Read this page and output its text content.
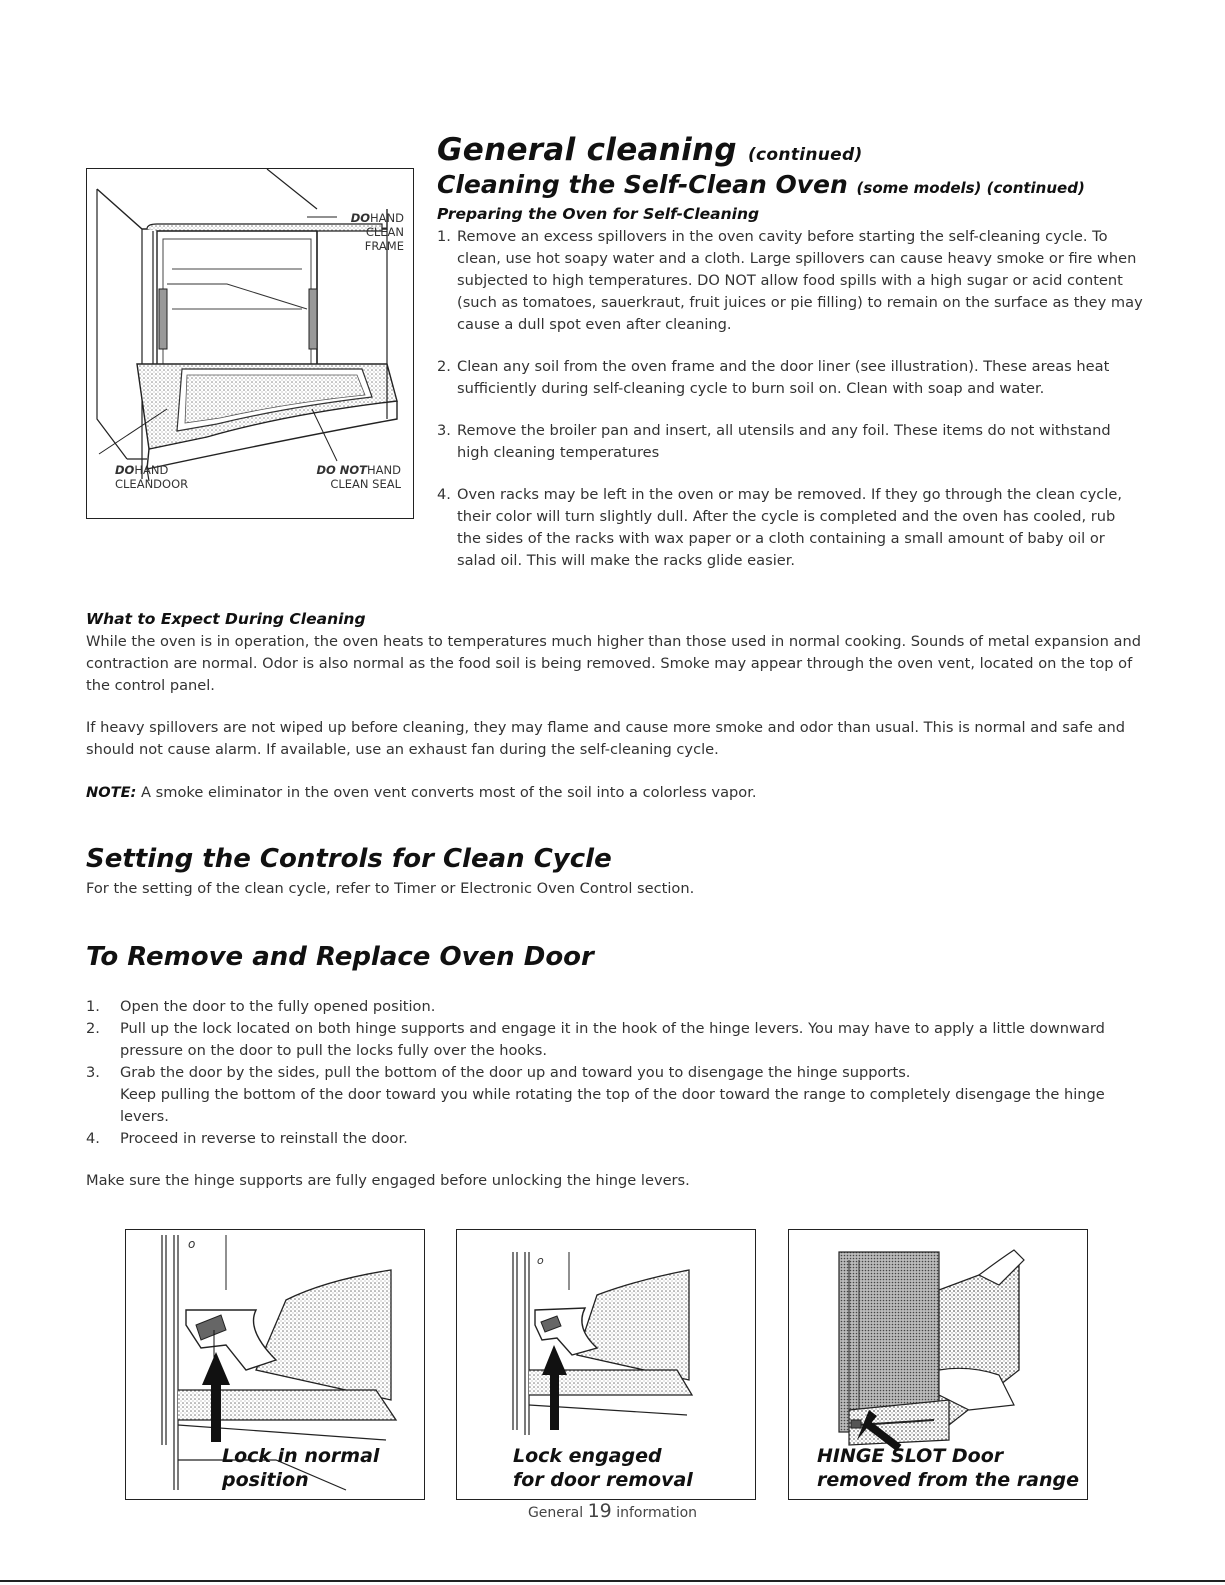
General cleaning (continued)
Cleaning the Self-Clean Oven (some models) (continued)
DOHAND
CLEAN
FRAME
DOHAND
CLEANDOOR
DO NOTHAND
CLEAN SEAL
Preparing the Oven for Self-Cleaning
1. Remove an excess spillovers in the oven cavity before starting the self-cleaning cycle. To clean, use hot soapy water and a cloth. Large spillovers can cause heavy smoke or fire when subjected to high temperatures. DO NOT allow food spills with a high sugar or acid content (such as tomatoes, sauerkraut, fruit juices or pie filling) to remain on the surface as they may cause a dull spot even after cleaning.
2. Clean any soil from the oven frame and the door liner (see illustration). These areas heat sufficiently during self-cleaning cycle to burn soil on. Clean with soap and water.
3. Remove the broiler pan and insert, all utensils and any foil. These items do not withstand high cleaning temperatures
4. Oven racks may be left in the oven or may be removed. If they go through the clean cycle, their color will turn slightly dull. After the cycle is completed and the oven has cooled, rub the sides of the racks with wax paper or a cloth containing a small amount of baby oil or salad oil. This will make the racks glide easier.
What to Expect During Cleaning
While the oven is in operation, the oven heats to temperatures much higher than those used in normal cooking. Sounds of metal expansion and contraction are normal. Odor is also normal as the food soil is being removed. Smoke may appear through the oven vent, located on the top of the control panel.
If heavy spillovers are not wiped up before cleaning, they may flame and cause more smoke and odor than usual. This is normal and safe and should not cause alarm. If available, use an exhaust fan during the self-cleaning cycle.
NOTE: A smoke eliminator in the oven vent converts most of the soil into a colorless vapor.
Setting the Controls for Clean Cycle
For the setting of the clean cycle, refer to Timer or Electronic Oven Control section.
To Remove and Replace Oven Door
1. Open the door to the fully opened position.
2. Pull up the lock located on both hinge supports and engage it in the hook of the hinge levers. You may have to apply a little downward pressure on the door to pull the locks fully over the hooks.
3. Grab the door by the sides, pull the bottom of the door up and toward you to disengage the hinge supports.
Keep pulling the bottom of the door toward you while rotating the top of the door toward the range to completely disengage the hinge levers.
4. Proceed in reverse to reinstall the door.
Make sure the hinge supports are fully engaged before unlocking the hinge levers.
o
Lock in normal
position
o
Lock engaged
for door removal
HINGE SLOT Door
removed from the range
General 19 information
